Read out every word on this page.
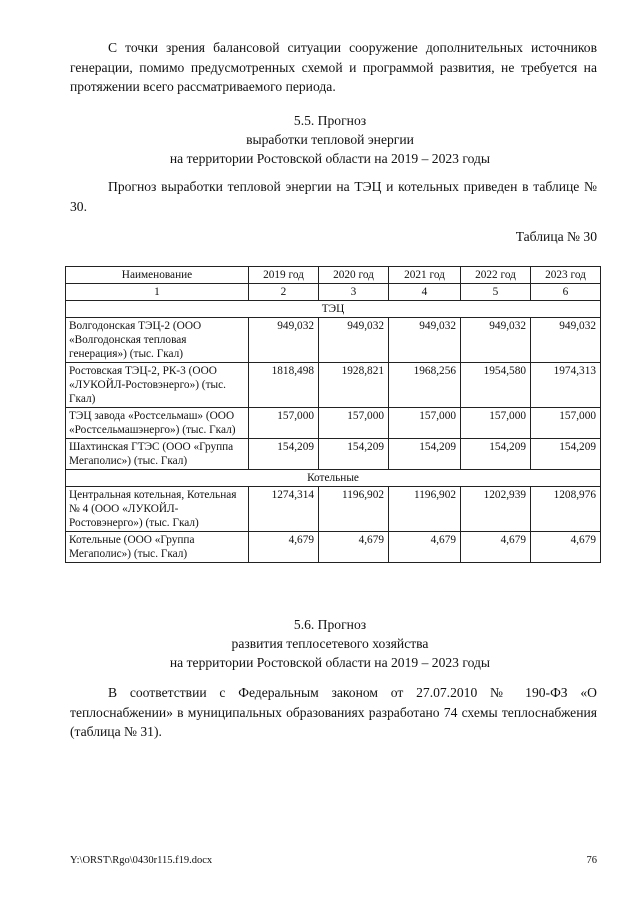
С точки зрения балансовой ситуации сооружение дополнительных источников генерации, помимо предусмотренных схемой и программой развития, не требуется на протяжении всего рассматриваемого периода.

5.5. Прогноз
выработки тепловой энергии
на территории Ростовской области на 2019 – 2023 годы

Прогноз выработки тепловой энергии на ТЭЦ и котельных приведен в таблице № 30.

Таблица № 30
Наименование	2019 год	2020 год	2021 год	2022 год	2023 год
1	2	3	4	5	6
ТЭЦ					
Волгодонская ТЭЦ-2 (ООО «Волгодонская тепловая генерация») (тыс. Гкал)	949,032	949,032	949,032	949,032	949,032
Ростовская ТЭЦ-2, РК-3 (ООО «ЛУКОЙЛ-Ростовэнерго») (тыс. Гкал)	1818,498	1928,821	1968,256	1954,580	1974,313
ТЭЦ завода «Ростсельмаш» (ООО «Ростсельмашэнерго») (тыс. Гкал)	157,000	157,000	157,000	157,000	157,000
Шахтинская ГТЭС (ООО «Группа Мегаполис») (тыс. Гкал)	154,209	154,209	154,209	154,209	154,209
Котельные					
Центральная котельная, Котельная № 4 (ООО «ЛУКОЙЛ-Ростовэнерго») (тыс. Гкал)	1274,314	1196,902	1196,902	1202,939	1208,976
Котельные (ООО «Группа Мегаполис») (тыс. Гкал)	4,679	4,679	4,679	4,679	4,679
5.6. Прогноз
развития теплосетевого хозяйства
на территории Ростовской области на 2019 – 2023 годы

В соответствии с Федеральным законом от 27.07.2010 № 190-ФЗ «О теплоснабжении» в муниципальных образованиях разработано 74 схемы теплоснабжения (таблица № 31).

Y:\ORST\Rgo\0430r115.f19.docx	76
